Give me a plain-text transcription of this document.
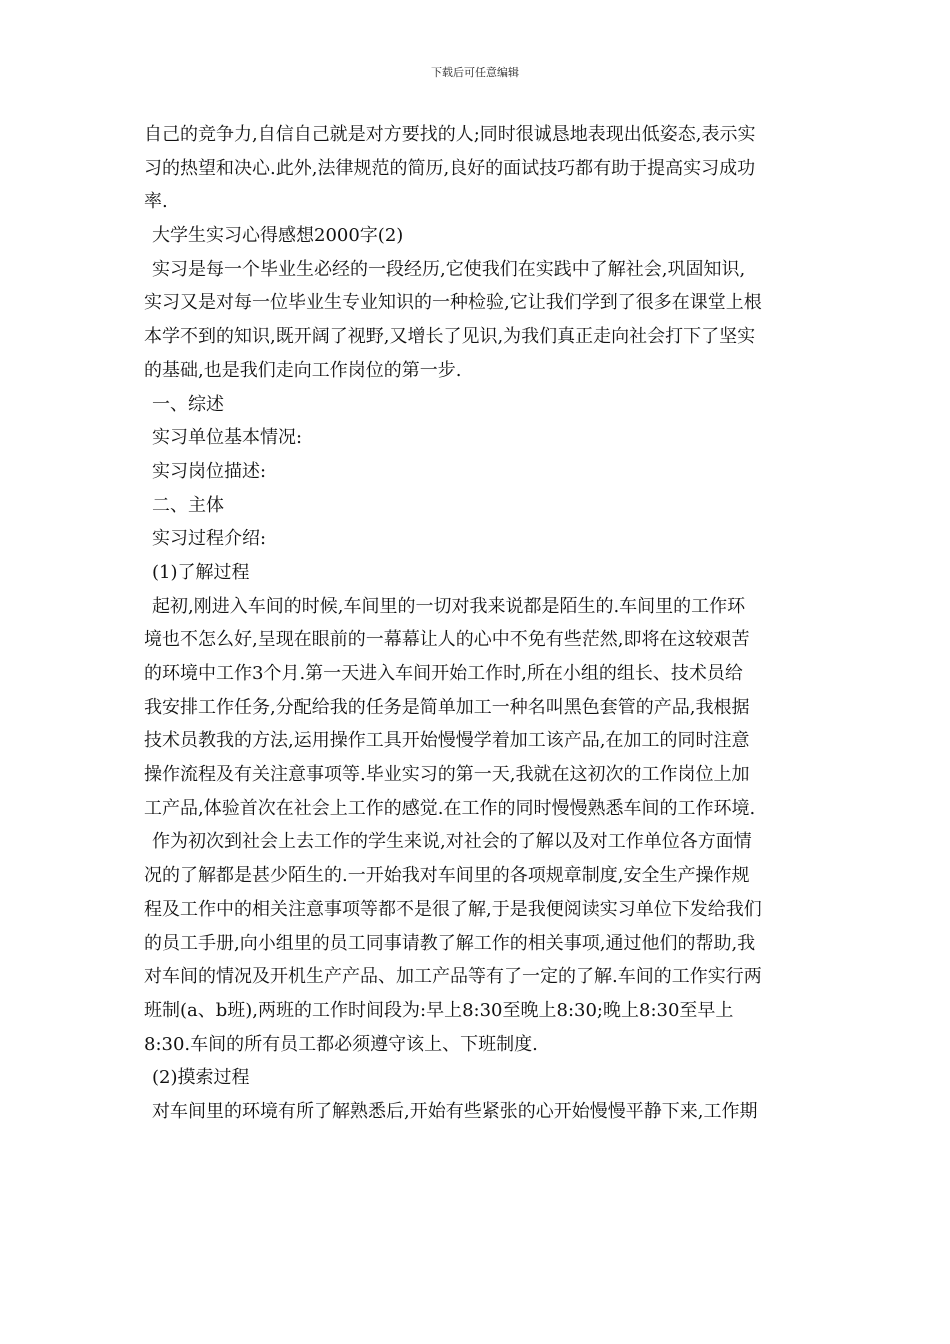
下载后可任意编辑
自己的竞争力,自信自己就是对方要找的人;同时很诚恳地表现出低姿态,表示实
习的热望和决心.此外,法律规范的简历,良好的面试技巧都有助于提高实习成功
率.
大学生实习心得感想2000字(2)
实习是每一个毕业生必经的一段经历,它使我们在实践中了解社会,巩固知识,
实习又是对每一位毕业生专业知识的一种检验,它让我们学到了很多在课堂上根
本学不到的知识,既开阔了视野,又增长了见识,为我们真正走向社会打下了坚实
的基础,也是我们走向工作岗位的第一步.
一、综述
实习单位基本情况:
实习岗位描述:
二、主体
实习过程介绍:
(1)了解过程
起初,刚进入车间的时候,车间里的一切对我来说都是陌生的.车间里的工作环
境也不怎么好,呈现在眼前的一幕幕让人的心中不免有些茫然,即将在这较艰苦
的环境中工作3个月.第一天进入车间开始工作时,所在小组的组长、技术员给
我安排工作任务,分配给我的任务是简单加工一种名叫黑色套管的产品,我根据
技术员教我的方法,运用操作工具开始慢慢学着加工该产品,在加工的同时注意
操作流程及有关注意事项等.毕业实习的第一天,我就在这初次的工作岗位上加
工产品,体验首次在社会上工作的感觉.在工作的同时慢慢熟悉车间的工作环境.
作为初次到社会上去工作的学生来说,对社会的了解以及对工作单位各方面情
况的了解都是甚少陌生的.一开始我对车间里的各项规章制度,安全生产操作规
程及工作中的相关注意事项等都不是很了解,于是我便阅读实习单位下发给我们
的员工手册,向小组里的员工同事请教了解工作的相关事项,通过他们的帮助,我
对车间的情况及开机生产产品、加工产品等有了一定的了解.车间的工作实行两
班制(a、b班),两班的工作时间段为:早上8:30至晚上8:30;晚上8:30至早上
8:30.车间的所有员工都必须遵守该上、下班制度.
(2)摸索过程
对车间里的环境有所了解熟悉后,开始有些紧张的心开始慢慢平静下来,工作期
